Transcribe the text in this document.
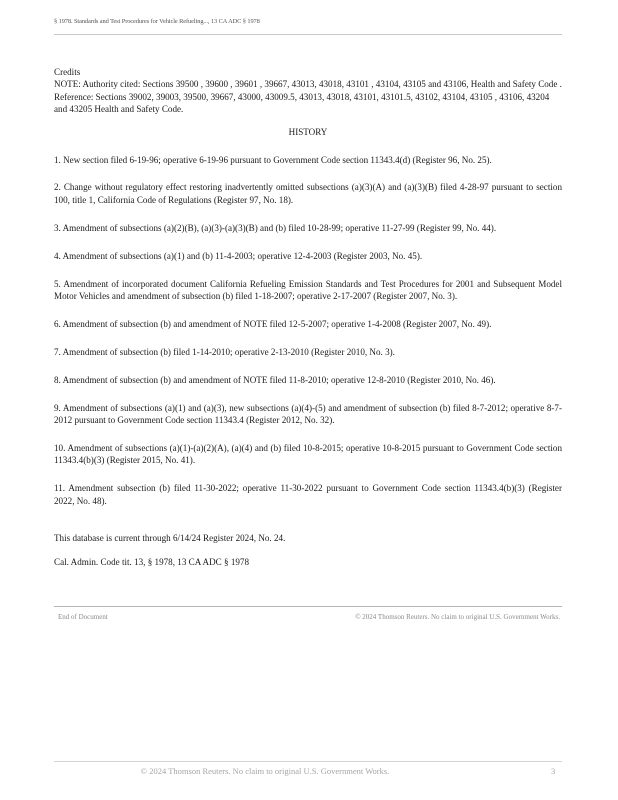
§ 1978. Standards and Test Procedures for Vehicle Refueling..., 13 CA ADC § 1978

Credits

NOTE: Authority cited: Sections 39500 , 39600 , 39601 , 39667, 43013, 43018, 43101 , 43104, 43105 and 43106, Health and Safety Code . Reference: Sections 39002, 39003, 39500, 39667, 43000, 43009.5, 43013, 43018, 43101, 43101.5, 43102, 43104, 43105 , 43106, 43204 and 43205 Health and Safety Code.

HISTORY

1. New section filed 6-19-96; operative 6-19-96 pursuant to Government Code section 11343.4(d) (Register 96, No. 25).
2. Change without regulatory effect restoring inadvertently omitted subsections (a)(3)(A) and (a)(3)(B) filed 4-28-97 pursuant to section 100, title 1, California Code of Regulations (Register 97, No. 18).
3. Amendment of subsections (a)(2)(B), (a)(3)-(a)(3)(B) and (b) filed 10-28-99; operative 11-27-99 (Register 99, No. 44).
4. Amendment of subsections (a)(1) and (b) 11-4-2003; operative 12-4-2003 (Register 2003, No. 45).
5. Amendment of incorporated document California Refueling Emission Standards and Test Procedures for 2001 and Subsequent Model Motor Vehicles and amendment of subsection (b) filed 1-18-2007; operative 2-17-2007 (Register 2007, No. 3).
6. Amendment of subsection (b) and amendment of NOTE filed 12-5-2007; operative 1-4-2008 (Register 2007, No. 49).
7. Amendment of subsection (b) filed 1-14-2010; operative 2-13-2010 (Register 2010, No. 3).
8. Amendment of subsection (b) and amendment of NOTE filed 11-8-2010; operative 12-8-2010 (Register 2010, No. 46).
9. Amendment of subsections (a)(1) and (a)(3), new subsections (a)(4)-(5) and amendment of subsection (b) filed 8-7-2012; operative 8-7-2012 pursuant to Government Code section 11343.4 (Register 2012, No. 32).
10. Amendment of subsections (a)(1)-(a)(2)(A), (a)(4) and (b) filed 10-8-2015; operative 10-8-2015 pursuant to Government Code section 11343.4(b)(3) (Register 2015, No. 41).
11. Amendment subsection (b) filed 11-30-2022; operative 11-30-2022 pursuant to Government Code section 11343.4(b)(3) (Register 2022, No. 48).

This database is current through 6/14/24 Register 2024, No. 24.

Cal. Admin. Code tit. 13, § 1978, 13 CA ADC § 1978

End of Document	© 2024 Thomson Reuters. No claim to original U.S. Government Works.
© 2024 Thomson Reuters. No claim to original U.S. Government Works.	3
